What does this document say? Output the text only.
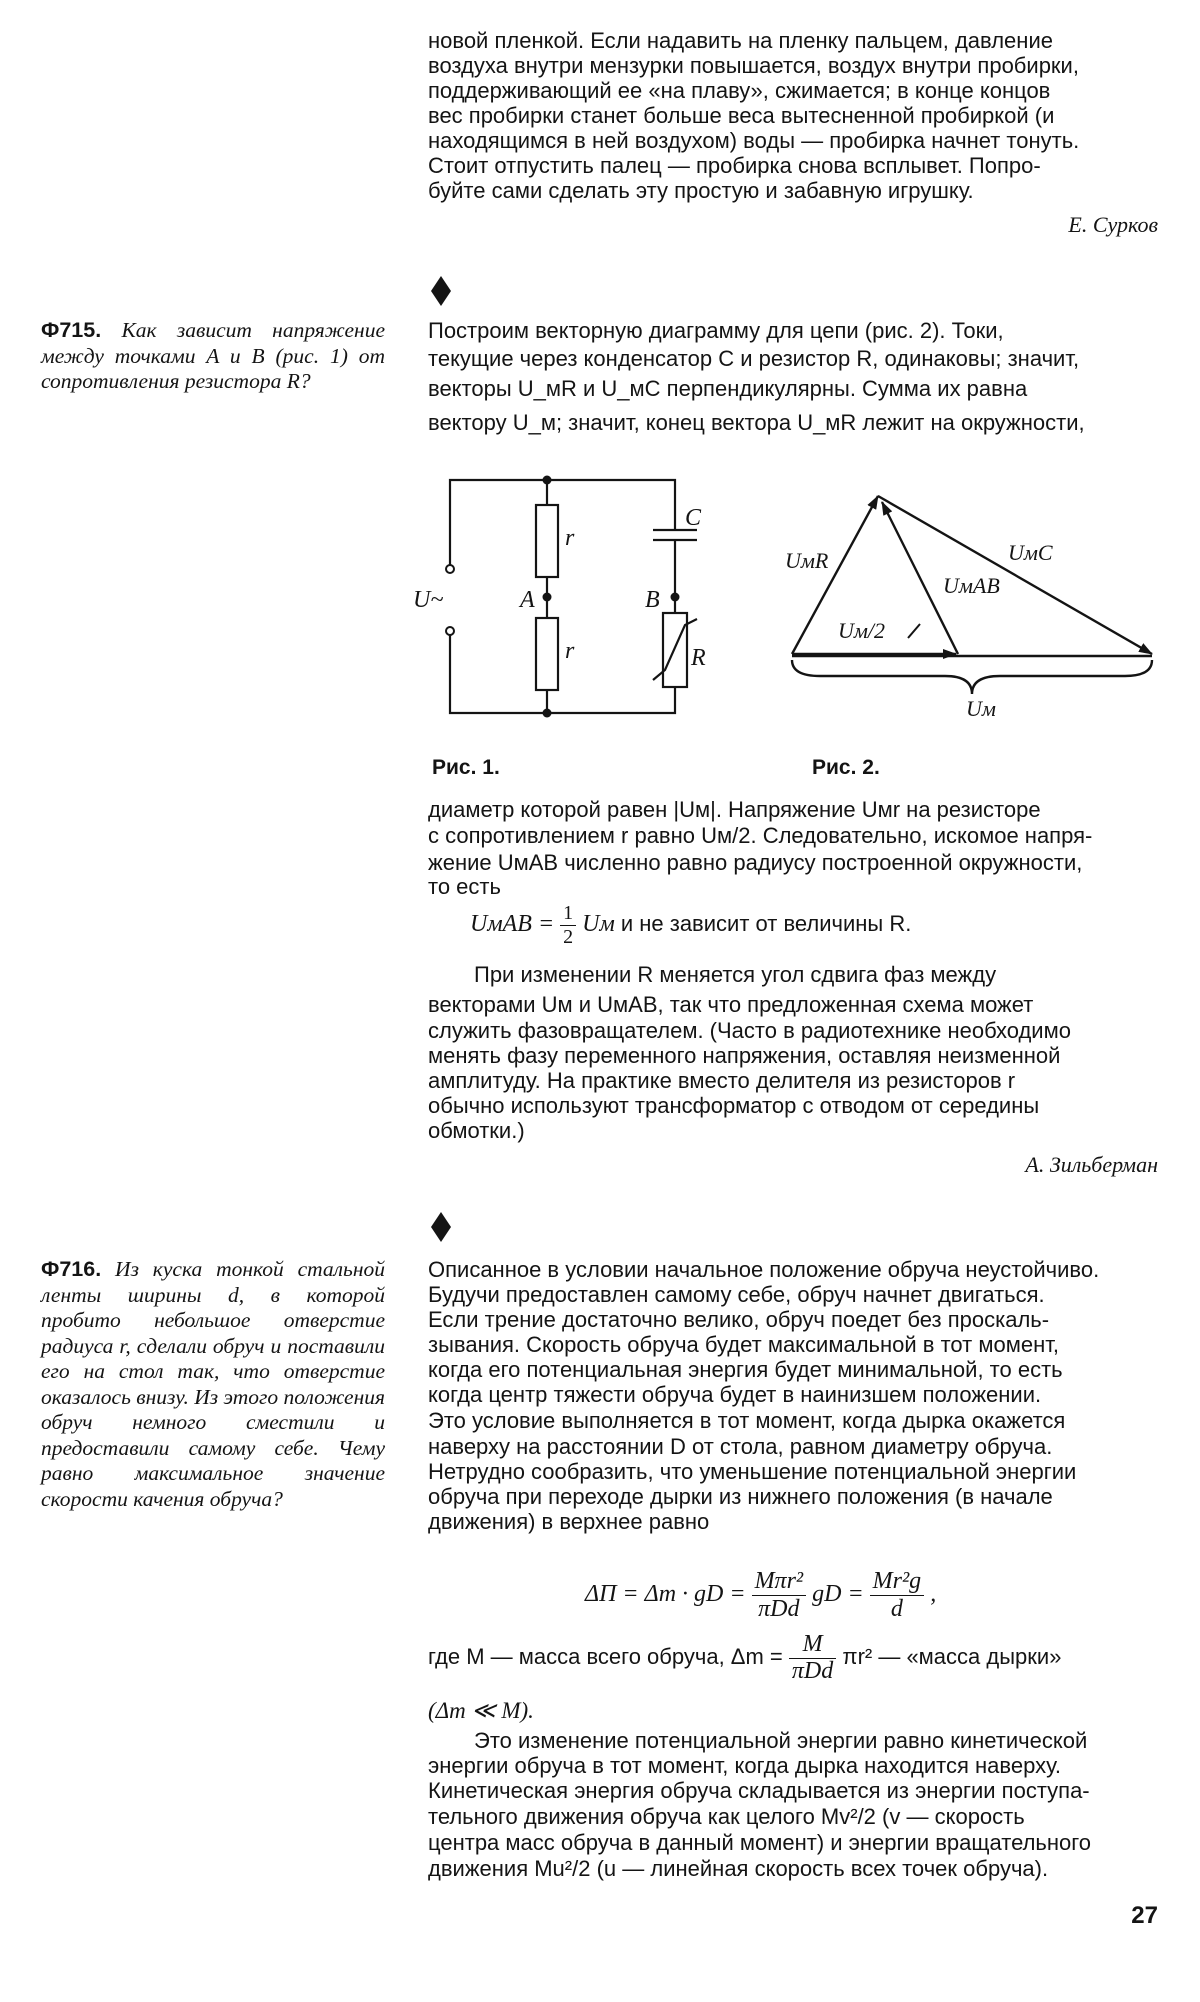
новой пленкой. Если надавить на пленку пальцем, давление

воздуха внутри мензурки повышается, воздух внутри пробирки,

поддерживающий ее «на плаву», сжимается; в конце концов

вес пробирки станет больше веса вытесненной пробиркой (и

находящимся в ней воздухом) воды — пробирка начнет тонуть.

Стоит отпустить палец — пробирка снова всплывет. Попро-

буйте сами сделать эту простую и забавную игрушку.

Е. Сурков
Ф715. Как зависит напряжение между точками A и B (рис. 1) от сопротивления резистора R?

Построим векторную диаграмму для цепи (рис. 2). Токи,

текущие через конденсатор C и резистор R, одинаковы; значит,

векторы U_мR и U_мC перпендикулярны. Сумма их равна

вектору U_м; значит, конец вектора U_мR лежит на окружности,

U~	A	B
r
r
C
R
Рис. 1.
UмR	UмC
UмAB
Uм/2
Uм
Рис. 2.

диаметр которой равен |Uм|. Напряжение Uмr на резисторе

с сопротивлением r равно Uм/2. Следовательно, искомое напря-

жение UмAB численно равно радиусу построенной окружности,

то есть

UмAB = $\frac{1}{2}$ Uм и не зависит от величины R.

При изменении R меняется угол сдвига фаз между

векторами Uм и UмAB, так что предложенная схема может

служить фазовращателем. (Часто в радиотехнике необходимо

менять фазу переменного напряжения, оставляя неизменной

амплитуду. На практике вместо делителя из резисторов r

обычно используют трансформатор с отводом от середины

обмотки.)

А. Зильберман
Ф716. Из куска тонкой стальной ленты ширины d, в которой пробито небольшое отверстие радиуса r, сделали обруч и поставили его на стол так, что отверстие оказалось внизу. Из этого положения обруч немного сместили и предоставили самому себе. Чему равно максимальное значение скорости качения обруча?

Описанное в условии начальное положение обруча неустойчиво.

Будучи предоставлен самому себе, обруч начнет двигаться.

Если трение достаточно велико, обруч поедет без проскаль-

зывания. Скорость обруча будет максимальной в тот момент,

когда его потенциальная энергия будет минимальной, то есть

когда центр тяжести обруча будет в наинизшем положении.

Это условие выполняется в тот момент, когда дырка окажется

наверху на расстоянии D от стола, равном диаметру обруча.

Нетрудно сообразить, что уменьшение потенциальной энергии

обруча при переходе дырки из нижнего положения (в начале

движения) в верхнее равно

ΔП = Δm · gD = $\frac{\text{Mπr²}}{\text{πDd}}$ gD = $\frac{\text{Mr²g}}{d}$ ,
где M — масса всего обруча, $\Delta m = \frac{M}{\text{πDd}} \pi r^2$ — «масса дырки»

(Δm ≪ M).

Это изменение потенциальной энергии равно кинетической

энергии обруча в тот момент, когда дырка находится наверху.

Кинетическая энергия обруча складывается из энергии поступа-

тельного движения обруча как целого Mv²/2 (v — скорость

центра масс обруча в данный момент) и энергии вращательного

движения Mu²/2 (u — линейная скорость всех точек обруча).

27
